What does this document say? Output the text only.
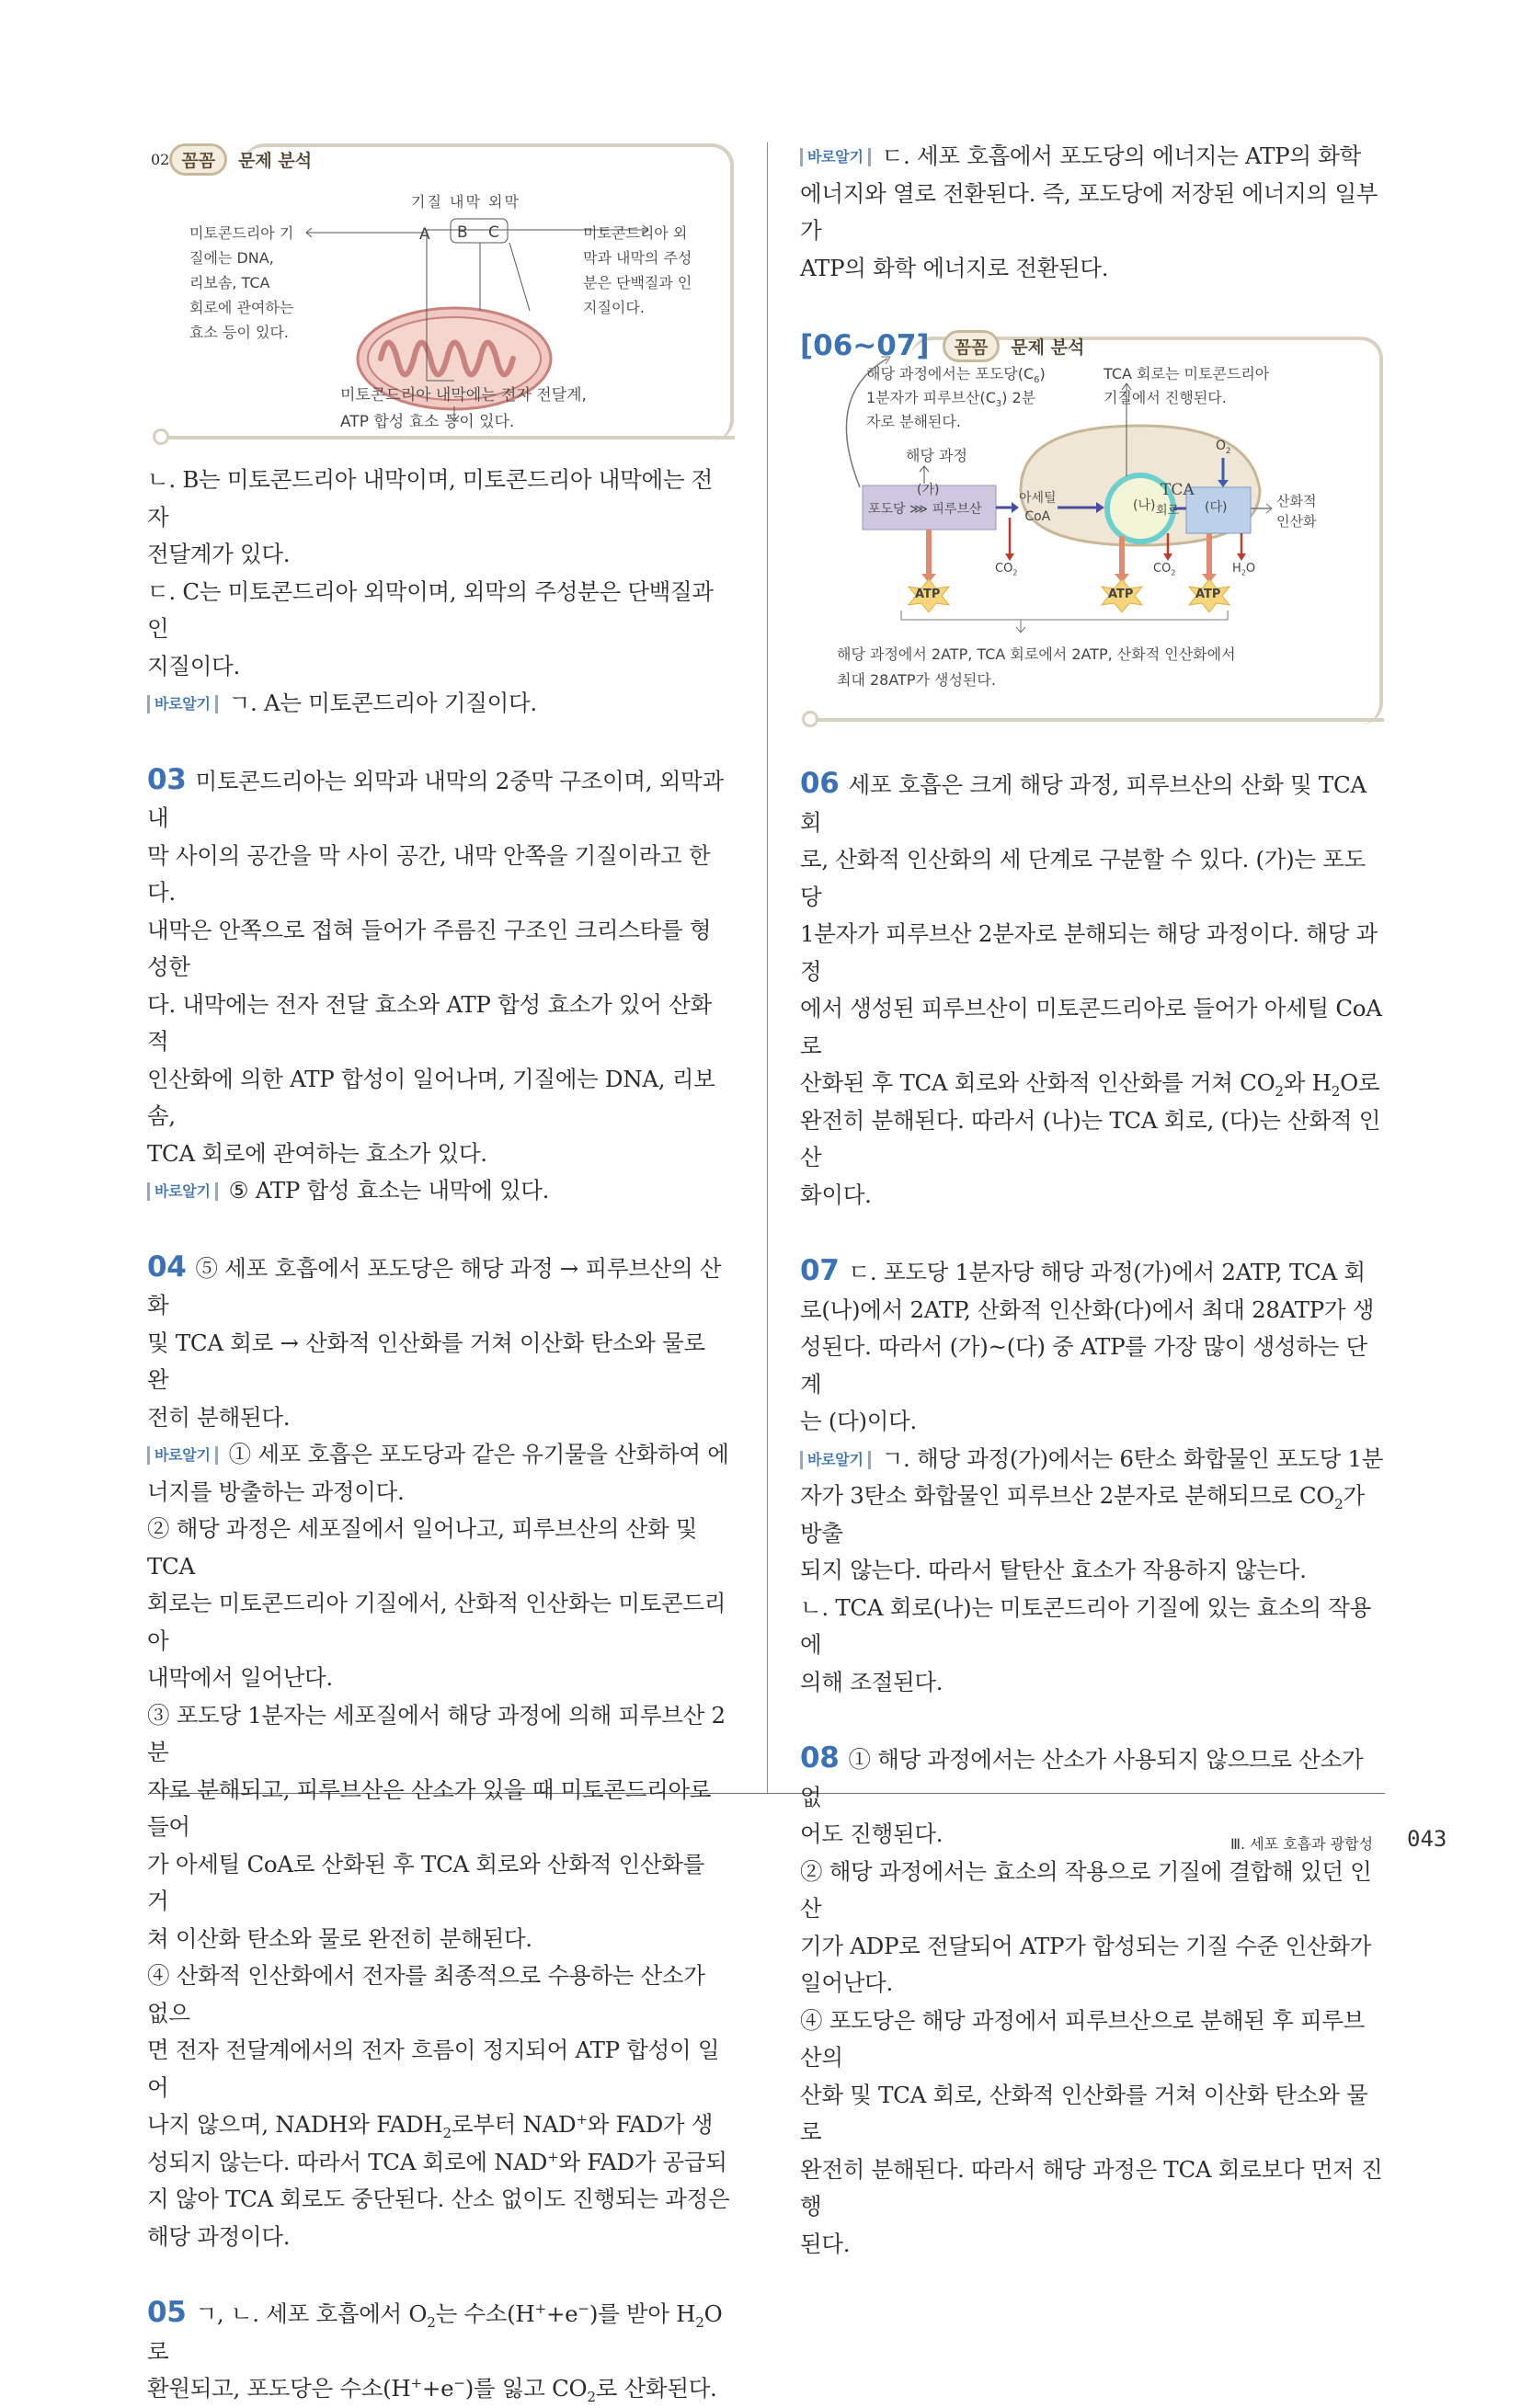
02 꼼꼼	문제 분석
기질 내막 외막
A B C
미토콘드리아 기
질에는 DNA,
리보솜, TCA
회로에 관여하는
효소 등이 있다.
미토콘드리아 외
막과 내막의 주성
분은 단백질과 인
지질이다.
미토콘드리아 내막에는 전자 전달계,
ATP 합성 효소 등이 있다.

ㄴ. B는 미토콘드리아 내막이며, 미토콘드리아 내막에는 전자

전달계가 있다.

ㄷ. C는 미토콘드리아 외막이며, 외막의 주성분은 단백질과 인

지질이다.

바로알기 ㄱ. A는 미토콘드리아 기질이다.

03 미토콘드리아는 외막과 내막의 2중막 구조이며, 외막과 내

막 사이의 공간을 막 사이 공간, 내막 안쪽을 기질이라고 한다.

내막은 안쪽으로 접혀 들어가 주름진 구조인 크리스타를 형성한

다. 내막에는 전자 전달 효소와 ATP 합성 효소가 있어 산화적

인산화에 의한 ATP 합성이 일어나며, 기질에는 DNA, 리보솜,

TCA 회로에 관여하는 효소가 있다.

바로알기 ⑤ ATP 합성 효소는 내막에 있다.

04 ⑤ 세포 호흡에서 포도당은 해당 과정 → 피루브산의 산화

및 TCA 회로 → 산화적 인산화를 거쳐 이산화 탄소와 물로 완

전히 분해된다.

바로알기 ① 세포 호흡은 포도당과 같은 유기물을 산화하여 에

너지를 방출하는 과정이다.

② 해당 과정은 세포질에서 일어나고, 피루브산의 산화 및 TCA

회로는 미토콘드리아 기질에서, 산화적 인산화는 미토콘드리아

내막에서 일어난다.

③ 포도당 1분자는 세포질에서 해당 과정에 의해 피루브산 2분

자로 분해되고, 피루브산은 산소가 있을 때 미토콘드리아로 들어

가 아세틸 CoA로 산화된 후 TCA 회로와 산화적 인산화를 거

쳐 이산화 탄소와 물로 완전히 분해된다.

④ 산화적 인산화에서 전자를 최종적으로 수용하는 산소가 없으

면 전자 전달계에서의 전자 흐름이 정지되어 ATP 합성이 일어

나지 않으며, NADH와 $FADH_2$로부터 NAD+와 FAD가 생

성되지 않는다. 따라서 TCA 회로에 NAD+와 FAD가 공급되

지 않아 TCA 회로도 중단된다. 산소 없이도 진행되는 과정은

해당 과정이다.

05 ㄱ, ㄴ. 세포 호흡에서 $O_2$는 수소(H++e−)를 받아 $H_2O$로

환원되고, 포도당은 수소(H++e−)를 잃고 $CO_2$로 산화된다.

바로알기 ㄷ. 세포 호흡에서 포도당의 에너지는 ATP의 화학

에너지와 열로 전환된다. 즉, 포도당에 저장된 에너지의 일부가

ATP의 화학 에너지로 전환된다.

[06~07]	꼼꼼	문제 분석
해당 과정에서는 포도당$(C_6)$
1분자가 피루브산$(C_3)$ 2분
자로 분해된다.
TCA 회로는 미토콘드리아
기질에서 진행된다.
해당 과정
(가)
포도당 ⋙ 피루브산
아세틸
CoA
(나)
TCA
회로 (다)
$O_2$
$CO_2$	$CO_2$	$H_2O$
산화적
인산화
ATP	ATP	ATP
해당 과정에서 2ATP, TCA 회로에서 2ATP, 산화적 인산화에서
최대 28ATP가 생성된다.

06 세포 호흡은 크게 해당 과정, 피루브산의 산화 및 TCA 회

로, 산화적 인산화의 세 단계로 구분할 수 있다. (가)는 포도당

1분자가 피루브산 2분자로 분해되는 해당 과정이다. 해당 과정

에서 생성된 피루브산이 미토콘드리아로 들어가 아세틸 CoA로

산화된 후 TCA 회로와 산화적 인산화를 거쳐 $CO_2$와 $H_2O$로

완전히 분해된다. 따라서 (나)는 TCA 회로, (다)는 산화적 인산

화이다.

07 ㄷ. 포도당 1분자당 해당 과정(가)에서 2ATP, TCA 회

로(나)에서 2ATP, 산화적 인산화(다)에서 최대 28ATP가 생

성된다. 따라서 (가)~(다) 중 ATP를 가장 많이 생성하는 단계

는 (다)이다.

바로알기 ㄱ. 해당 과정(가)에서는 6탄소 화합물인 포도당 1분

자가 3탄소 화합물인 피루브산 2분자로 분해되므로 $CO_2$가 방출

되지 않는다. 따라서 탈탄산 효소가 작용하지 않는다.

ㄴ. TCA 회로(나)는 미토콘드리아 기질에 있는 효소의 작용에

의해 조절된다.

08 ① 해당 과정에서는 산소가 사용되지 않으므로 산소가 없

어도 진행된다.

② 해당 과정에서는 효소의 작용으로 기질에 결합해 있던 인산

기가 ADP로 전달되어 ATP가 합성되는 기질 수준 인산화가

일어난다.

④ 포도당은 해당 과정에서 피루브산으로 분해된 후 피루브산의

산화 및 TCA 회로, 산화적 인산화를 거쳐 이산화 탄소와 물로

완전히 분해된다. 따라서 해당 과정은 TCA 회로보다 먼저 진행

된다.

Ⅲ. 세포 호흡과 광합성 043
